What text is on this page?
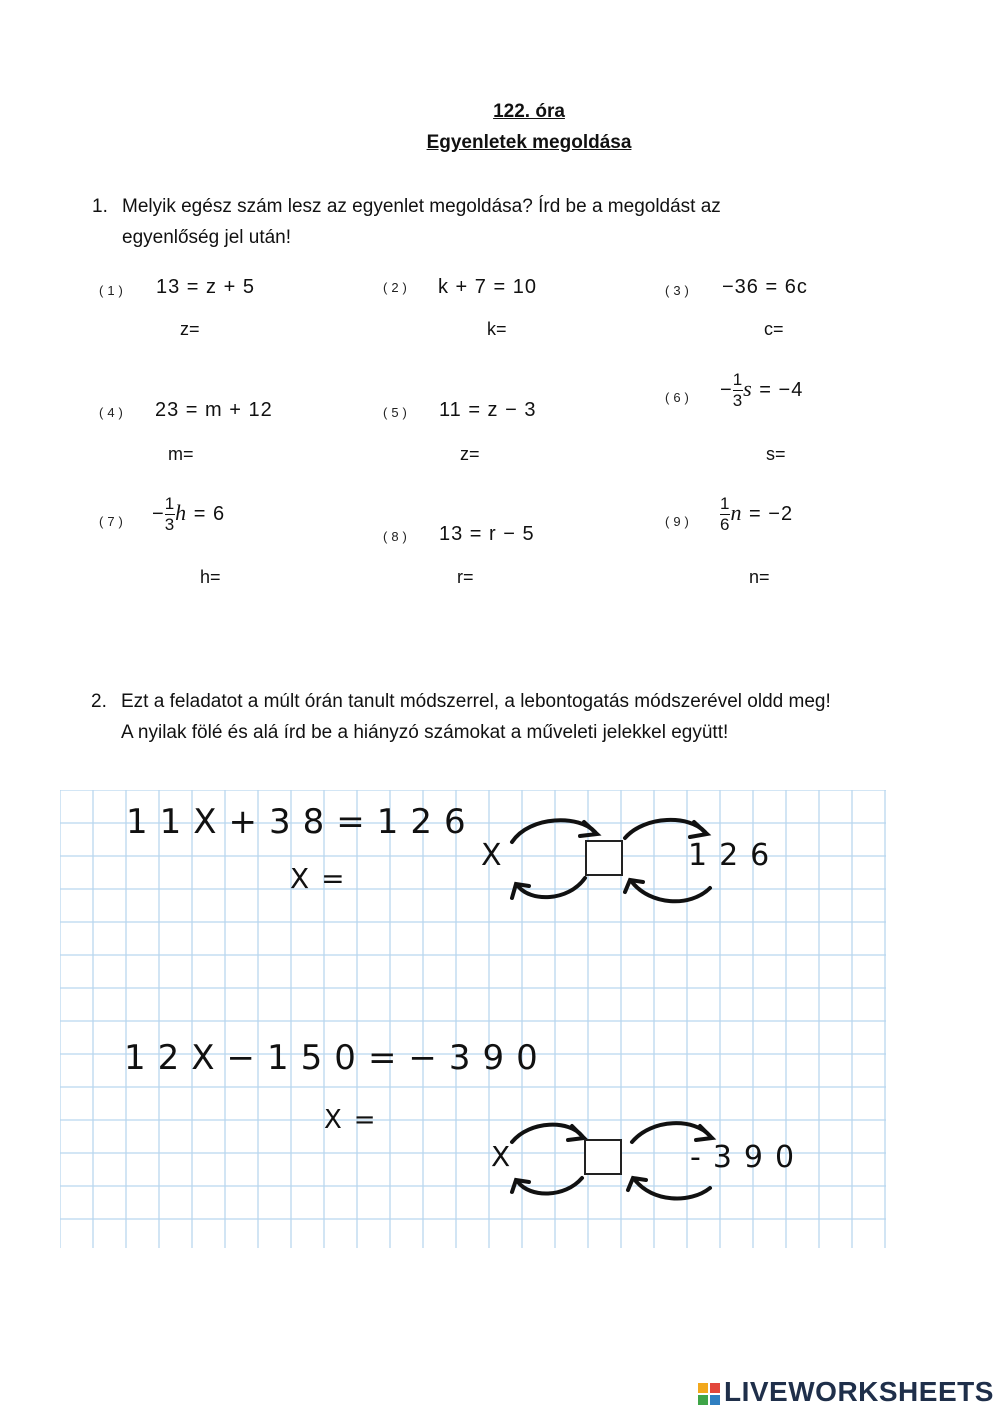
122. óra
Egyenletek megoldása
1. Melyik egész szám lesz az egyenlet megoldása? Írd be a megoldást az
egyenlőség jel után!
(1) 13 = z + 5
z=
(2) k + 7 = 10
k=
(3) −36 = 6c
c=
(4) 23 = m + 12
m=
(5) 11 = z − 3
z=
$(6) - \frac{1}{3}$ s = −4
s=
$(7) - \frac{1}{3}$ h = 6
h=
(8) 13 = r − 5
r=
$(9) \frac{1}{6}$ n = −2
n=
2. Ezt a feladatot a múlt órán tanult módszerrel, a lebontogatás módszerével oldd meg!
A nyilak fölé és alá írd be a hiányzó számokat a műveleti jelekkel együtt!
11X+38=126
X=
X	126
12X−150=−390
X=
X	-390
LIVEWORKSHEETS
